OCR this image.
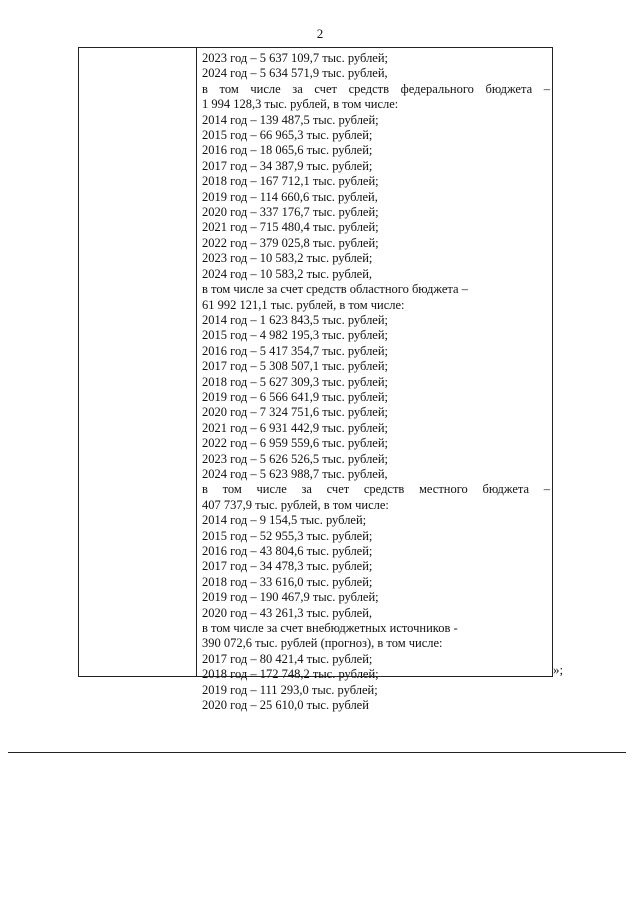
2
2023 год – 5 637 109,7 тыс. рублей;
2024 год – 5 634 571,9 тыс. рублей,
в том числе за счет средств федерального бюджета –
1 994 128,3 тыс. рублей, в том числе:
2014 год – 139 487,5 тыс. рублей;
2015 год – 66 965,3 тыс. рублей;
2016 год – 18 065,6 тыс. рублей;
2017 год – 34 387,9 тыс. рублей;
2018 год – 167 712,1 тыс. рублей;
2019 год – 114 660,6 тыс. рублей,
2020 год – 337 176,7 тыс. рублей;
2021 год – 715 480,4 тыс. рублей;
2022 год – 379 025,8 тыс. рублей;
2023 год – 10 583,2 тыс. рублей;
2024 год – 10 583,2 тыс. рублей,
в том числе за счет средств областного бюджета –
61 992 121,1 тыс. рублей, в том числе:
2014 год – 1 623 843,5 тыс. рублей;
2015 год – 4 982 195,3 тыс. рублей;
2016 год – 5 417 354,7 тыс. рублей;
2017 год – 5 308 507,1 тыс. рублей;
2018 год – 5 627 309,3 тыс. рублей;
2019 год – 6 566 641,9 тыс. рублей;
2020 год – 7 324 751,6 тыс. рублей;
2021 год – 6 931 442,9 тыс. рублей;
2022 год – 6 959 559,6 тыс. рублей;
2023 год – 5 626 526,5 тыс. рублей;
2024 год – 5 623 988,7 тыс. рублей,
в том числе за счет средств местного бюджета –
407 737,9 тыс. рублей, в том числе:
2014 год – 9 154,5 тыс. рублей;
2015 год – 52 955,3 тыс. рублей;
2016 год – 43 804,6 тыс. рублей;
2017 год – 34 478,3 тыс. рублей;
2018 год – 33 616,0 тыс. рублей;
2019 год – 190 467,9 тыс. рублей;
2020 год – 43 261,3 тыс. рублей,
в том числе за счет внебюджетных источников -
390 072,6 тыс. рублей (прогноз), в том числе:
2017 год – 80 421,4 тыс. рублей;
2018 год – 172 748,2 тыс. рублей;
2019 год – 111 293,0 тыс. рублей;
2020 год – 25 610,0 тыс. рублей
»;
